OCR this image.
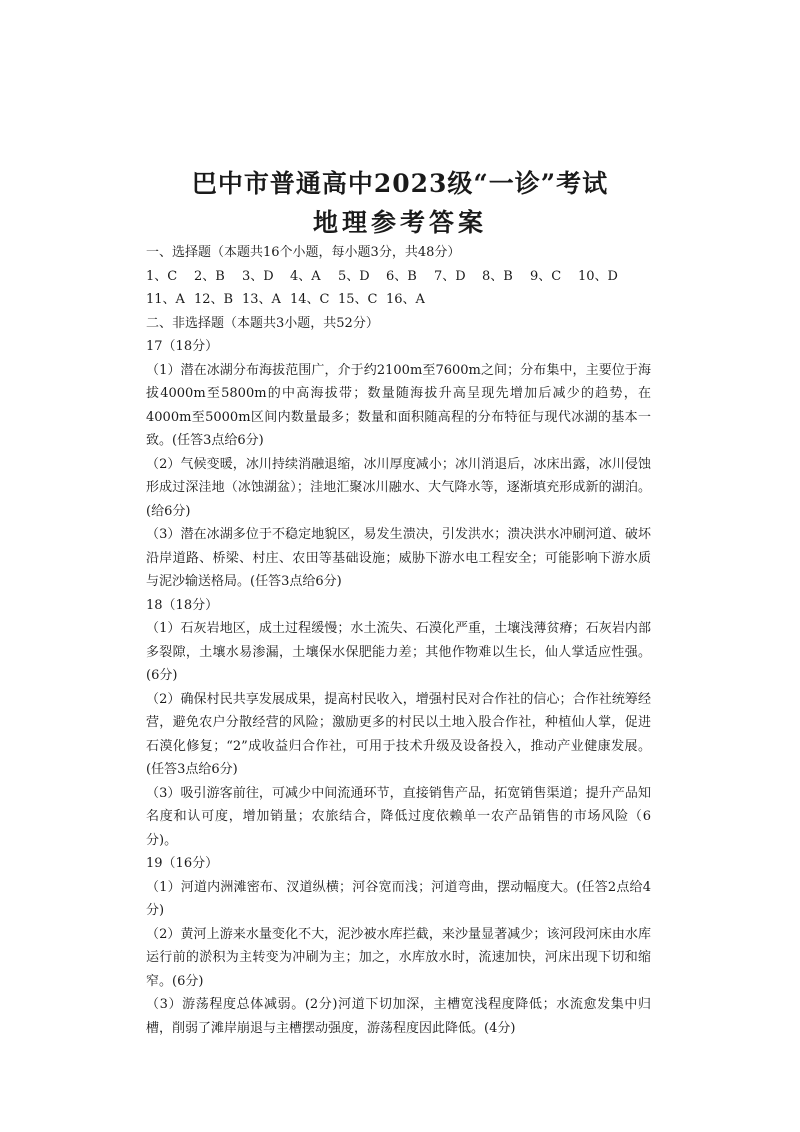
巴中市普通高中2023级“一诊”考试
地理参考答案
一、选择题（本题共16个小题，每小题3分，共48分）
1、C 2、B 3、D 4、A 5、D 6、B 7、D 8、B 9、C 10、D
11、A 12、B 13、A 14、C 15、C 16、A
二、非选择题（本题共3小题，共52分）
17（18分）
（1）潜在冰湖分布海拔范围广，介于约2100m至7600m之间；分布集中，主要位于海拔4000m至5800m的中高海拔带；数量随海拔升高呈现先增加后减少的趋势，在4000m至5000m区间内数量最多；数量和面积随高程的分布特征与现代冰湖的基本一致。(任答3点给6分)
（2）气候变暖，冰川持续消融退缩，冰川厚度减小；冰川消退后，冰床出露，冰川侵蚀形成过深洼地（冰蚀湖盆）；洼地汇聚冰川融水、大气降水等，逐渐填充形成新的湖泊。(给6分)
（3）潜在冰湖多位于不稳定地貌区，易发生溃决，引发洪水；溃决洪水冲刷河道、破坏沿岸道路、桥梁、村庄、农田等基础设施；威胁下游水电工程安全；可能影响下游水质与泥沙输送格局。(任答3点给6分)
18（18分）
（1）石灰岩地区，成土过程缓慢；水土流失、石漠化严重，土壤浅薄贫瘠；石灰岩内部多裂隙，土壤水易渗漏，土壤保水保肥能力差；其他作物难以生长，仙人掌适应性强。(6分)
（2）确保村民共享发展成果，提高村民收入，增强村民对合作社的信心；合作社统筹经营，避免农户分散经营的风险；激励更多的村民以土地入股合作社，种植仙人掌，促进石漠化修复；“2”成收益归合作社，可用于技术升级及设备投入，推动产业健康发展。(任答3点给6分)
（3）吸引游客前往，可减少中间流通环节，直接销售产品，拓宽销售渠道；提升产品知名度和认可度，增加销量；农旅结合，降低过度依赖单一农产品销售的市场风险（6分)。
19（16分）
（1）河道内洲滩密布、汊道纵横；河谷宽而浅；河道弯曲，摆动幅度大。(任答2点给4分)
（2）黄河上游来水量变化不大，泥沙被水库拦截，来沙量显著减少；该河段河床由水库运行前的淤积为主转变为冲刷为主；加之，水库放水时，流速加快，河床出现下切和缩窄。(6分)
（3）游荡程度总体减弱。(2分)河道下切加深，主槽宽浅程度降低；水流愈发集中归槽，削弱了滩岸崩退与主槽摆动强度，游荡程度因此降低。(4分)
